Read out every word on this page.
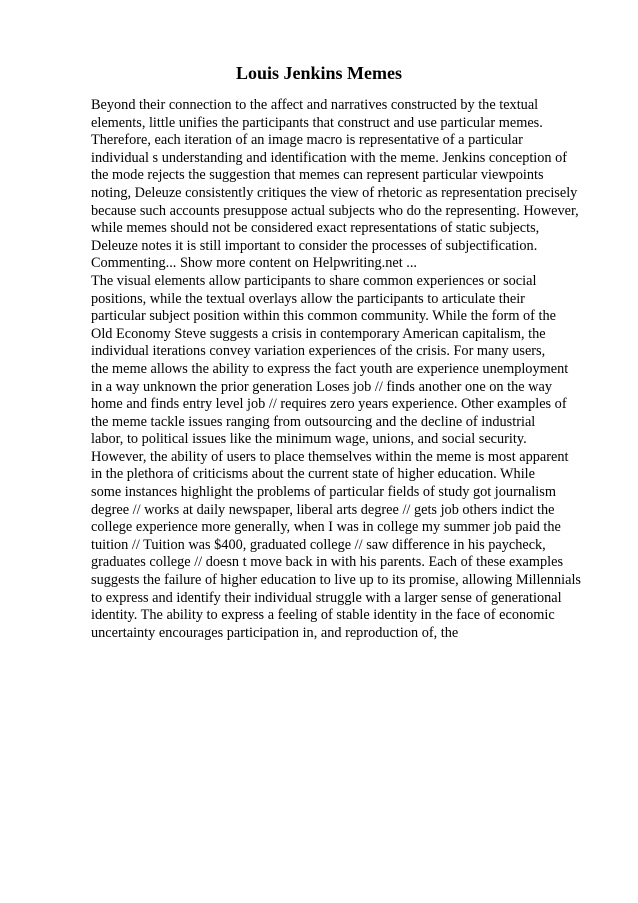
Louis Jenkins Memes
Beyond their connection to the affect and narratives constructed by the textual
elements, little unifies the participants that construct and use particular memes.
Therefore, each iteration of an image macro is representative of a particular
individual s understanding and identification with the meme. Jenkins conception of
the mode rejects the suggestion that memes can represent particular viewpoints
noting, Deleuze consistently critiques the view of rhetoric as representation precisely
because such accounts presuppose actual subjects who do the representing. However,
while memes should not be considered exact representations of static subjects,
Deleuze notes it is still important to consider the processes of subjectification.
Commenting... Show more content on Helpwriting.net ...
The visual elements allow participants to share common experiences or social
positions, while the textual overlays allow the participants to articulate their
particular subject position within this common community. While the form of the
Old Economy Steve suggests a crisis in contemporary American capitalism, the
individual iterations convey variation experiences of the crisis. For many users,
the meme allows the ability to express the fact youth are experience unemployment
in a way unknown the prior generation Loses job // finds another one on the way
home and finds entry level job // requires zero years experience. Other examples of
the meme tackle issues ranging from outsourcing and the decline of industrial
labor, to political issues like the minimum wage, unions, and social security.
However, the ability of users to place themselves within the meme is most apparent
in the plethora of criticisms about the current state of higher education. While
some instances highlight the problems of particular fields of study got journalism
degree // works at daily newspaper, liberal arts degree // gets job others indict the
college experience more generally, when I was in college my summer job paid the
tuition // Tuition was $400, graduated college // saw difference in his paycheck,
graduates college // doesn t move back in with his parents. Each of these examples
suggests the failure of higher education to live up to its promise, allowing Millennials
to express and identify their individual struggle with a larger sense of generational
identity. The ability to express a feeling of stable identity in the face of economic
uncertainty encourages participation in, and reproduction of, the
